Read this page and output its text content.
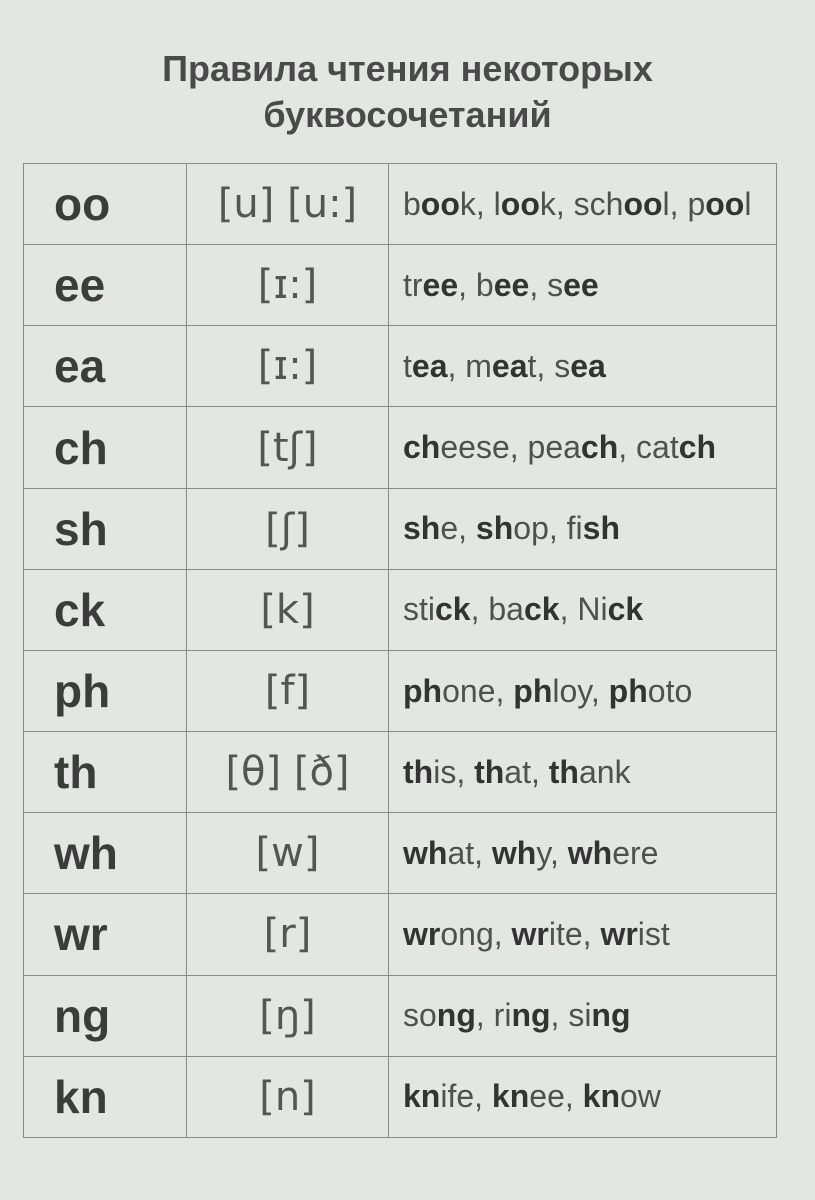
Правила чтения некоторых
буквосочетаний
oo	[u] [u:]	book, look, school, pool
ee	[ɪ:]	tree, bee, see
ea	[ɪ:]	tea, meat, sea
ch	[tʃ]	cheese, peach, catch
sh	[ʃ]	she, shop, fish
ck	[k]	stick, back, Nick
ph	[f]	phone, phloy, photo
th	[θ] [ð]	this, that, thank
wh	[w]	what, why, where
wr	[r]	wrong, write, wrist
ng	[ŋ]	song, ring, sing
kn	[n]	knife, knee, know
